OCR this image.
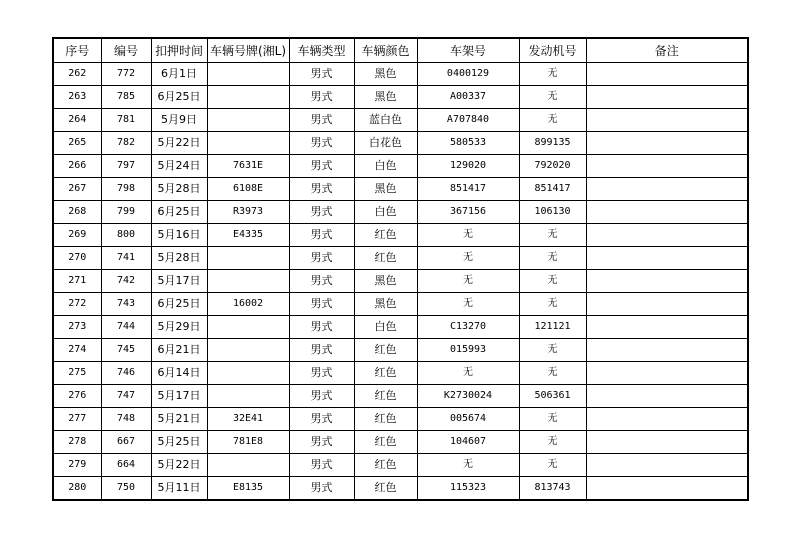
序号	编号	扣押时间	车辆号牌(湘L)	车辆类型	车辆颜色	车架号	发动机号	备注
262	772	6月1日		男式	黑色	0400129	无	
263	785	6月25日		男式	黑色	A00337	无	
264	781	5月9日		男式	蓝白色	A707840	无	
265	782	5月22日		男式	白花色	580533	899135	
266	797	5月24日	7631E	男式	白色	129020	792020	
267	798	5月28日	6108E	男式	黑色	851417	851417	
268	799	6月25日	R3973	男式	白色	367156	106130	
269	800	5月16日	E4335	男式	红色	无	无	
270	741	5月28日		男式	红色	无	无	
271	742	5月17日		男式	黑色	无	无	
272	743	6月25日	16002	男式	黑色	无	无	
273	744	5月29日		男式	白色	C13270	121121	
274	745	6月21日		男式	红色	015993	无	
275	746	6月14日		男式	红色	无	无	
276	747	5月17日		男式	红色	K2730024	506361	
277	748	5月21日	32E41	男式	红色	005674	无	
278	667	5月25日	781E8	男式	红色	104607	无	
279	664	5月22日		男式	红色	无	无	
280	750	5月11日	E8135	男式	红色	115323	813743	
